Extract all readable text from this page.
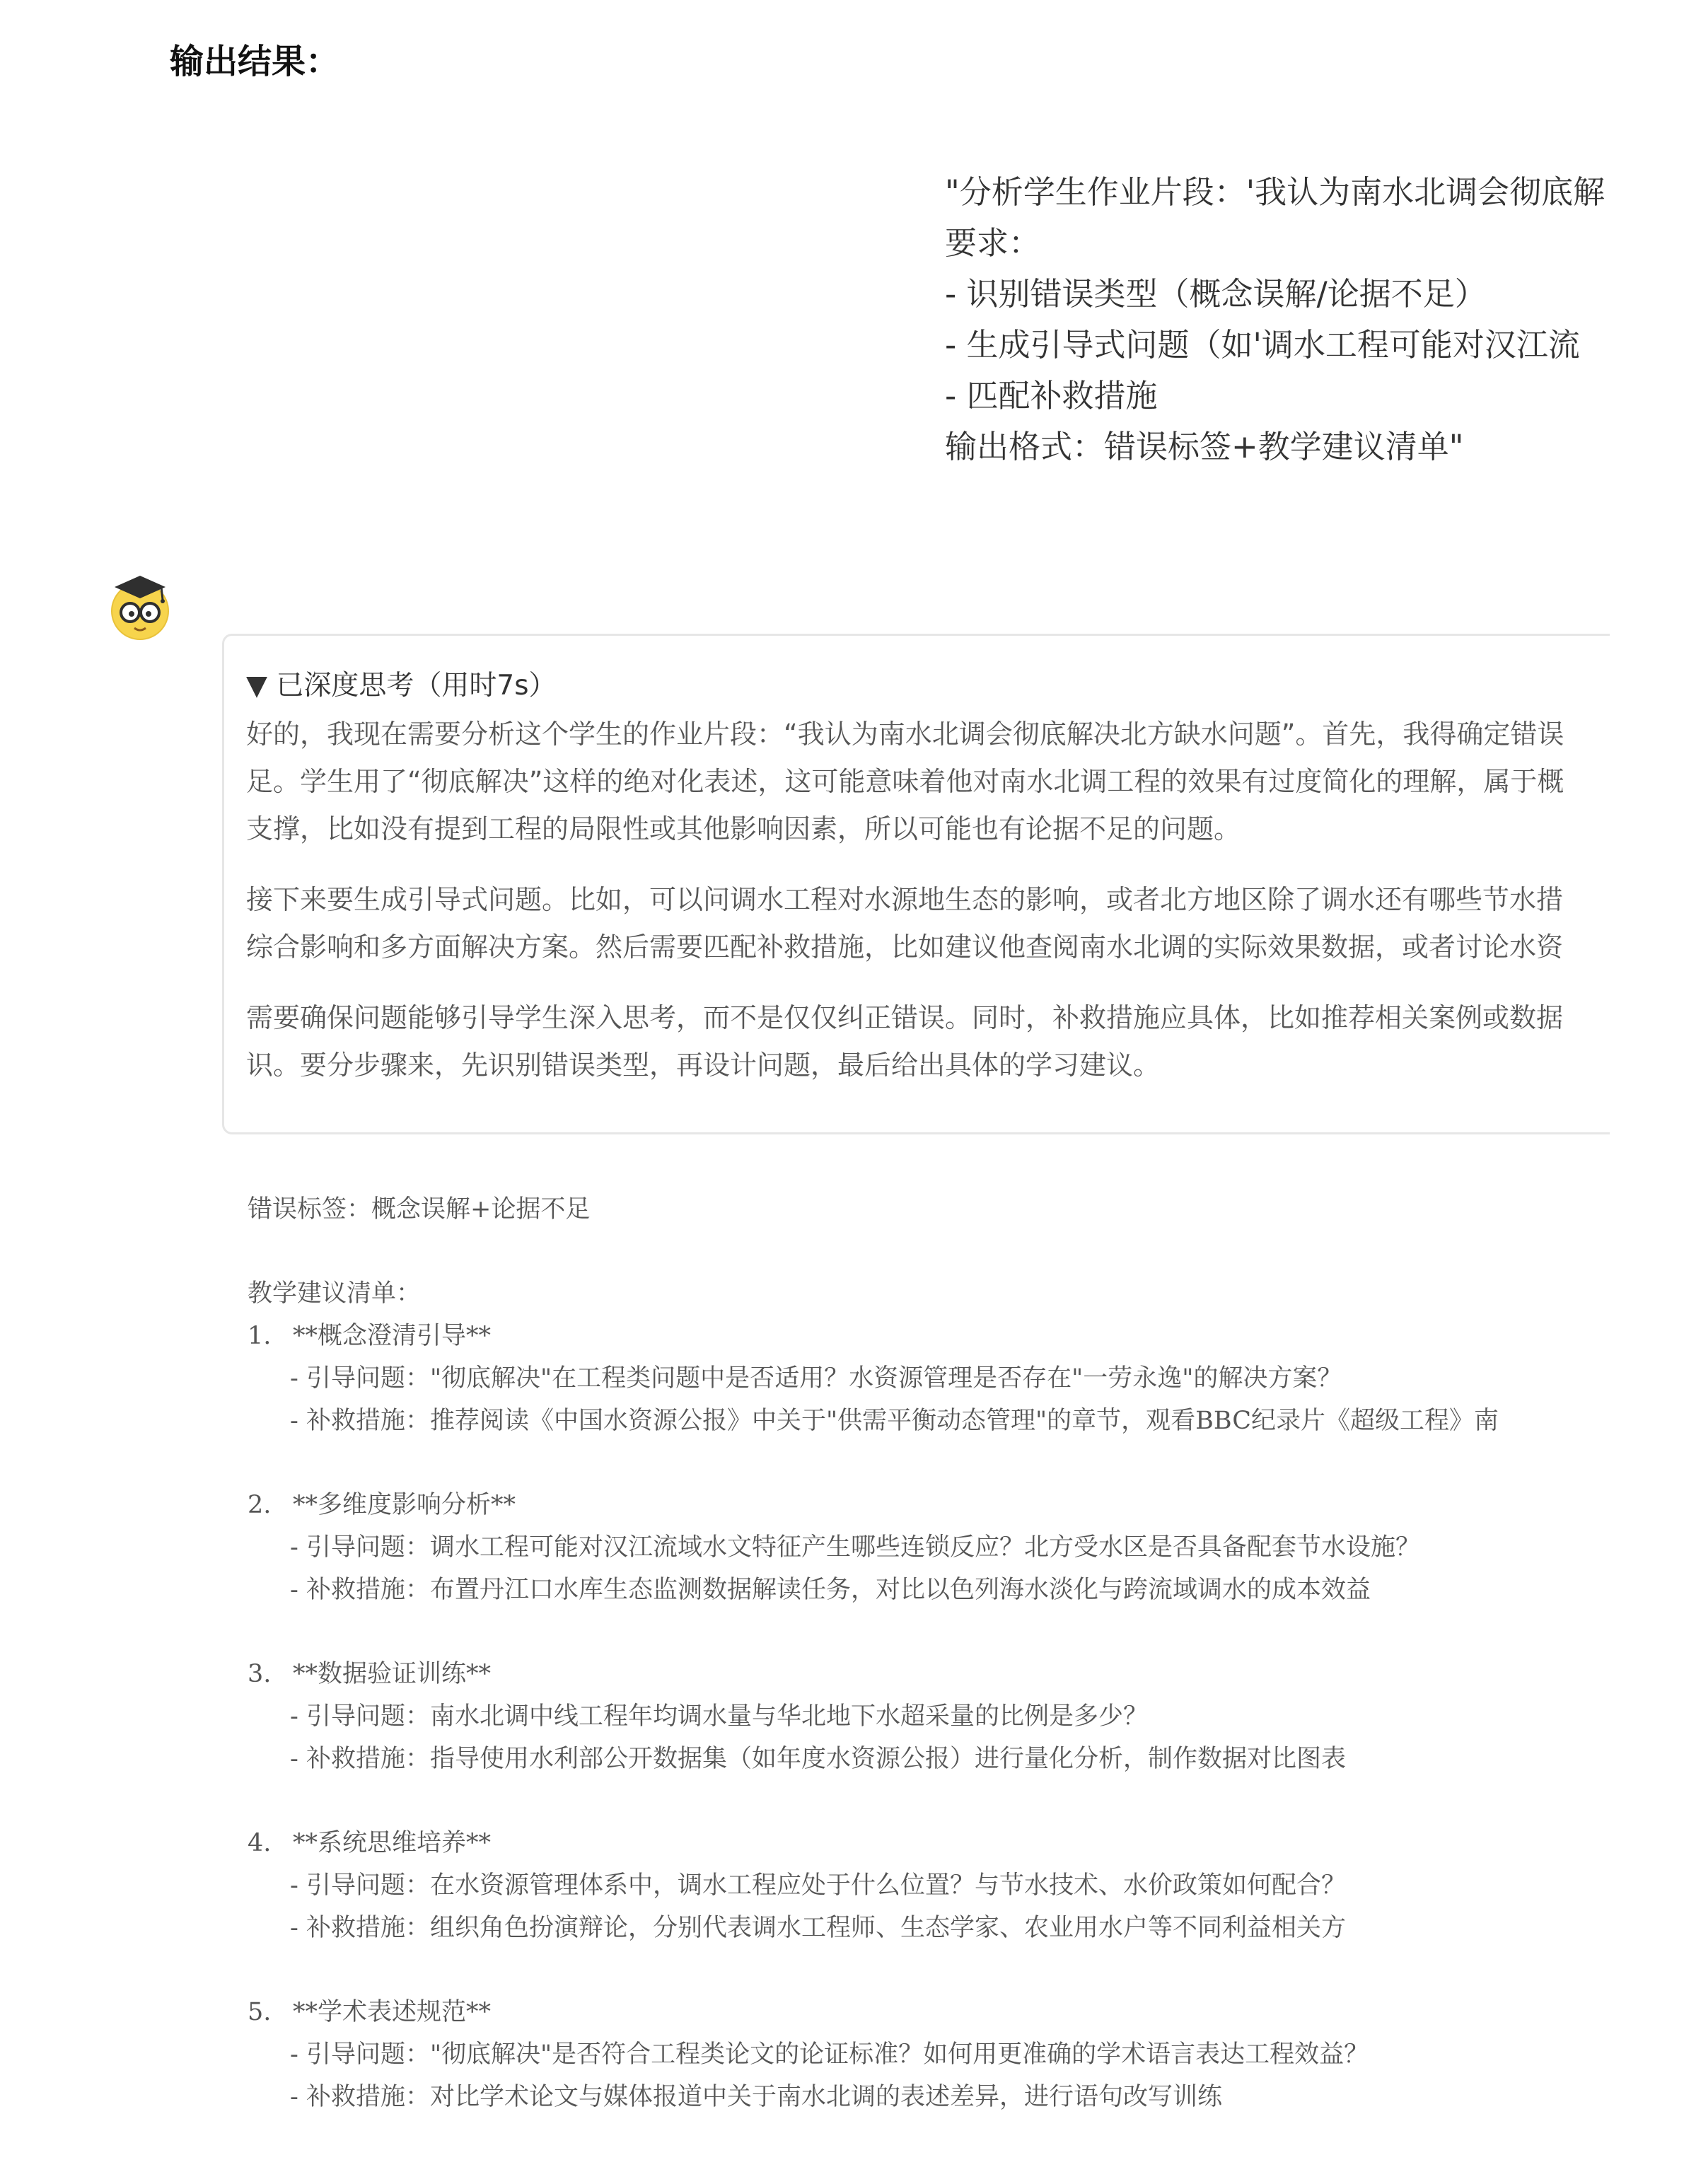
输出结果：
"分析学生作业片段：'我认为南水北调会彻底解
要求：
- 识别错误类型（概念误解/论据不足）
- 生成引导式问题（如'调水工程可能对汉江流
- 匹配补救措施
输出格式：错误标签+教学建议清单"
▼ 已深度思考（用时7s）
好的，我现在需要分析这个学生的作业片段：“我认为南水北调会彻底解决北方缺水问题”。首先，我得确定错误
足。学生用了“彻底解决”这样的绝对化表述，这可能意味着他对南水北调工程的效果有过度简化的理解，属于概
支撑，比如没有提到工程的局限性或其他影响因素，所以可能也有论据不足的问题。
接下来要生成引导式问题。比如，可以问调水工程对水源地生态的影响，或者北方地区除了调水还有哪些节水措
综合影响和多方面解决方案。然后需要匹配补救措施，比如建议他查阅南水北调的实际效果数据，或者讨论水资
需要确保问题能够引导学生深入思考，而不是仅仅纠正错误。同时，补救措施应具体，比如推荐相关案例或数据
识。要分步骤来，先识别错误类型，再设计问题，最后给出具体的学习建议。
错误标签：概念误解+论据不足
教学建议清单：
1. **概念澄清引导**
- 引导问题："彻底解决"在工程类问题中是否适用？水资源管理是否存在"一劳永逸"的解决方案？
- 补救措施：推荐阅读《中国水资源公报》中关于"供需平衡动态管理"的章节，观看BBC纪录片《超级工程》南
2. **多维度影响分析**
- 引导问题：调水工程可能对汉江流域水文特征产生哪些连锁反应？北方受水区是否具备配套节水设施？
- 补救措施：布置丹江口水库生态监测数据解读任务，对比以色列海水淡化与跨流域调水的成本效益
3. **数据验证训练**
- 引导问题：南水北调中线工程年均调水量与华北地下水超采量的比例是多少？
- 补救措施：指导使用水利部公开数据集（如年度水资源公报）进行量化分析，制作数据对比图表
4. **系统思维培养**
- 引导问题：在水资源管理体系中，调水工程应处于什么位置？与节水技术、水价政策如何配合？
- 补救措施：组织角色扮演辩论，分别代表调水工程师、生态学家、农业用水户等不同利益相关方
5. **学术表述规范**
- 引导问题："彻底解决"是否符合工程类论文的论证标准？如何用更准确的学术语言表达工程效益？
- 补救措施：对比学术论文与媒体报道中关于南水北调的表述差异，进行语句改写训练
